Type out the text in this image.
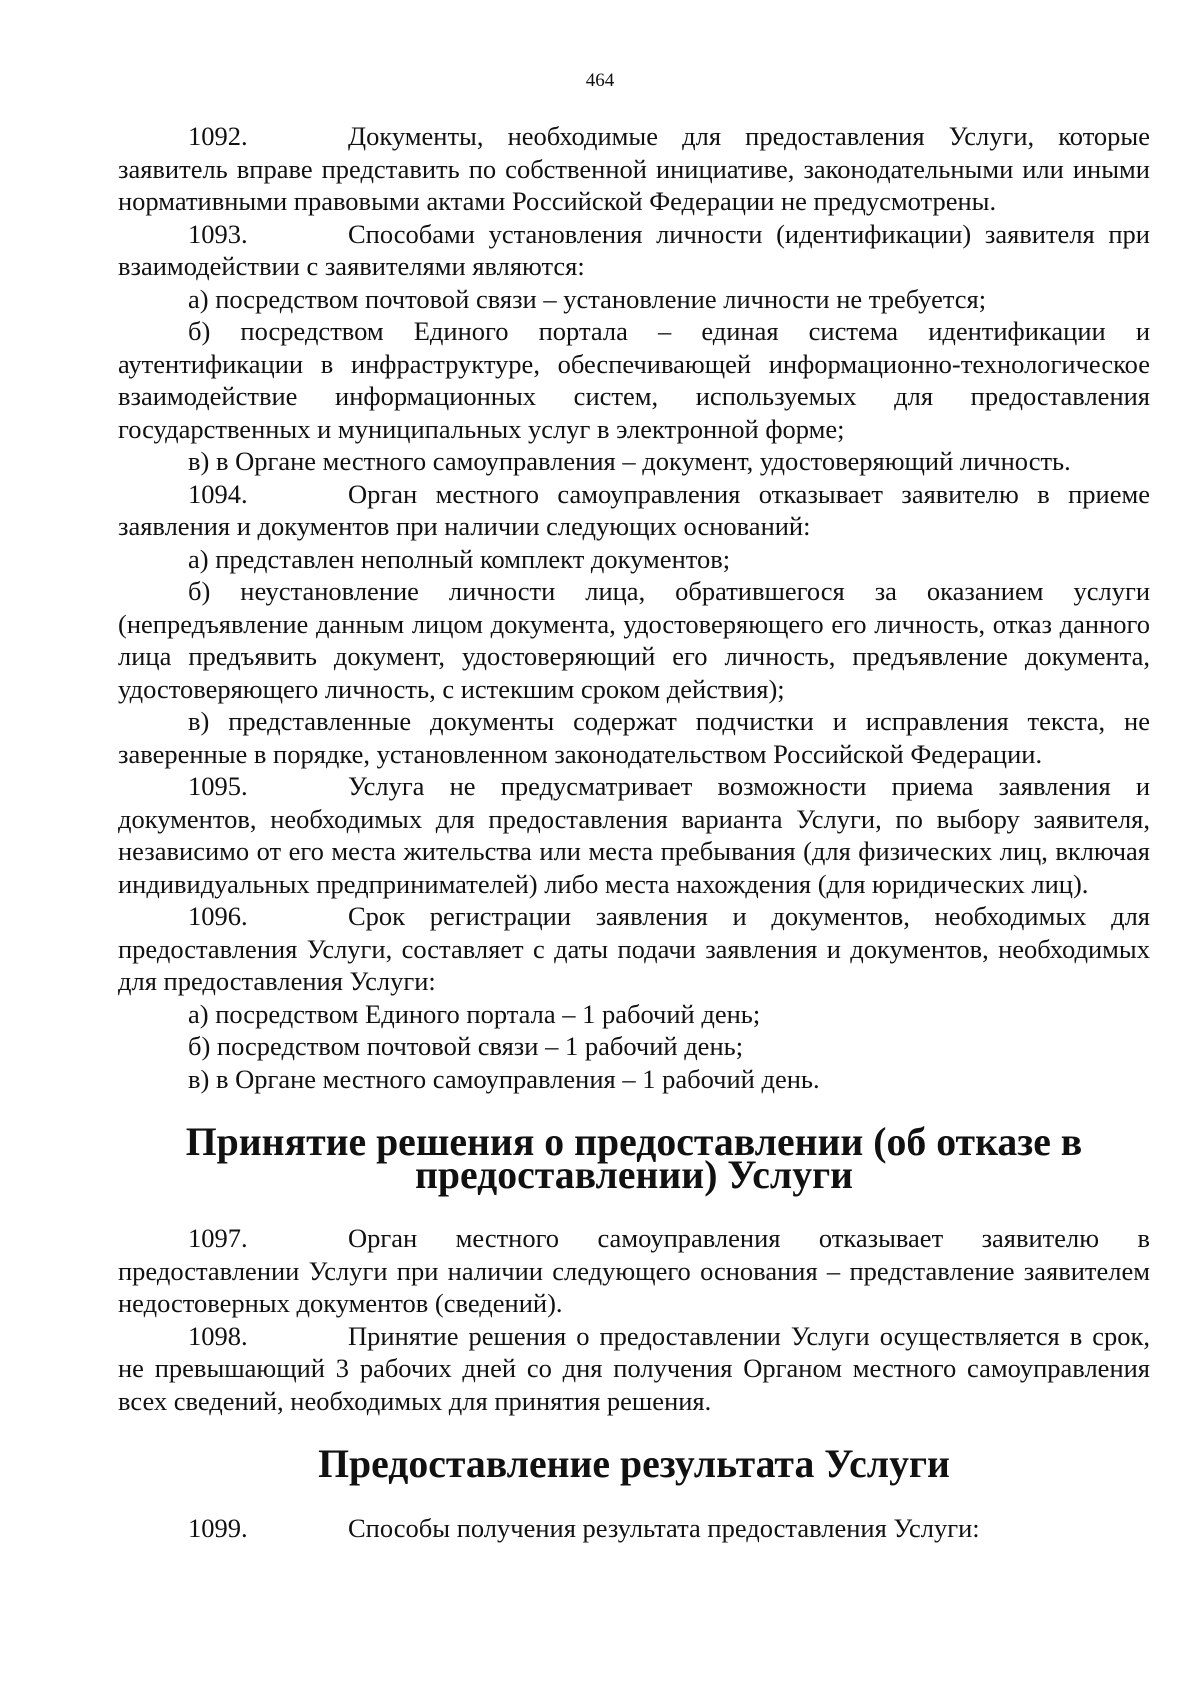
464

1092.	Документы, необходимые для предоставления Услуги, которые заявитель вправе представить по собственной инициативе, законодательными или иными нормативными правовыми актами Российской Федерации не предусмотрены.

1093.	Способами установления личности (идентификации) заявителя при взаимодействии с заявителями являются:

а) посредством почтовой связи – установление личности не требуется;

б) посредством Единого портала – единая система идентификации и аутентификации в инфраструктуре, обеспечивающей информационно-технологическое взаимодействие информационных систем, используемых для предоставления государственных и муниципальных услуг в электронной форме;

в) в Органе местного самоуправления – документ, удостоверяющий личность.

1094.	Орган местного самоуправления отказывает заявителю в приеме заявления и документов при наличии следующих оснований:

а) представлен неполный комплект документов;

б) неустановление личности лица, обратившегося за оказанием услуги (непредъявление данным лицом документа, удостоверяющего его личность, отказ данного лица предъявить документ, удостоверяющий его личность, предъявление документа, удостоверяющего личность, с истекшим сроком действия);

в) представленные документы содержат подчистки и исправления текста, не заверенные в порядке, установленном законодательством Российской Федерации.

1095.	Услуга не предусматривает возможности приема заявления и документов, необходимых для предоставления варианта Услуги, по выбору заявителя, независимо от его места жительства или места пребывания (для физических лиц, включая индивидуальных предпринимателей) либо места нахождения (для юридических лиц).

1096.	Срок регистрации заявления и документов, необходимых для предоставления Услуги, составляет с даты подачи заявления и документов, необходимых для предоставления Услуги:

а) посредством Единого портала – 1 рабочий день;

б) посредством почтовой связи – 1 рабочий день;

в) в Органе местного самоуправления – 1 рабочий день.

Принятие решения о предоставлении (об отказе в предоставлении) Услуги

1097.	Орган местного самоуправления отказывает заявителю в предоставлении Услуги при наличии следующего основания – представление заявителем недостоверных документов (сведений).

1098.	Принятие решения о предоставлении Услуги осуществляется в срок, не превышающий 3 рабочих дней со дня получения Органом местного самоуправления всех сведений, необходимых для принятия решения.

Предоставление результата Услуги

1099.	Способы получения результата предоставления Услуги:
